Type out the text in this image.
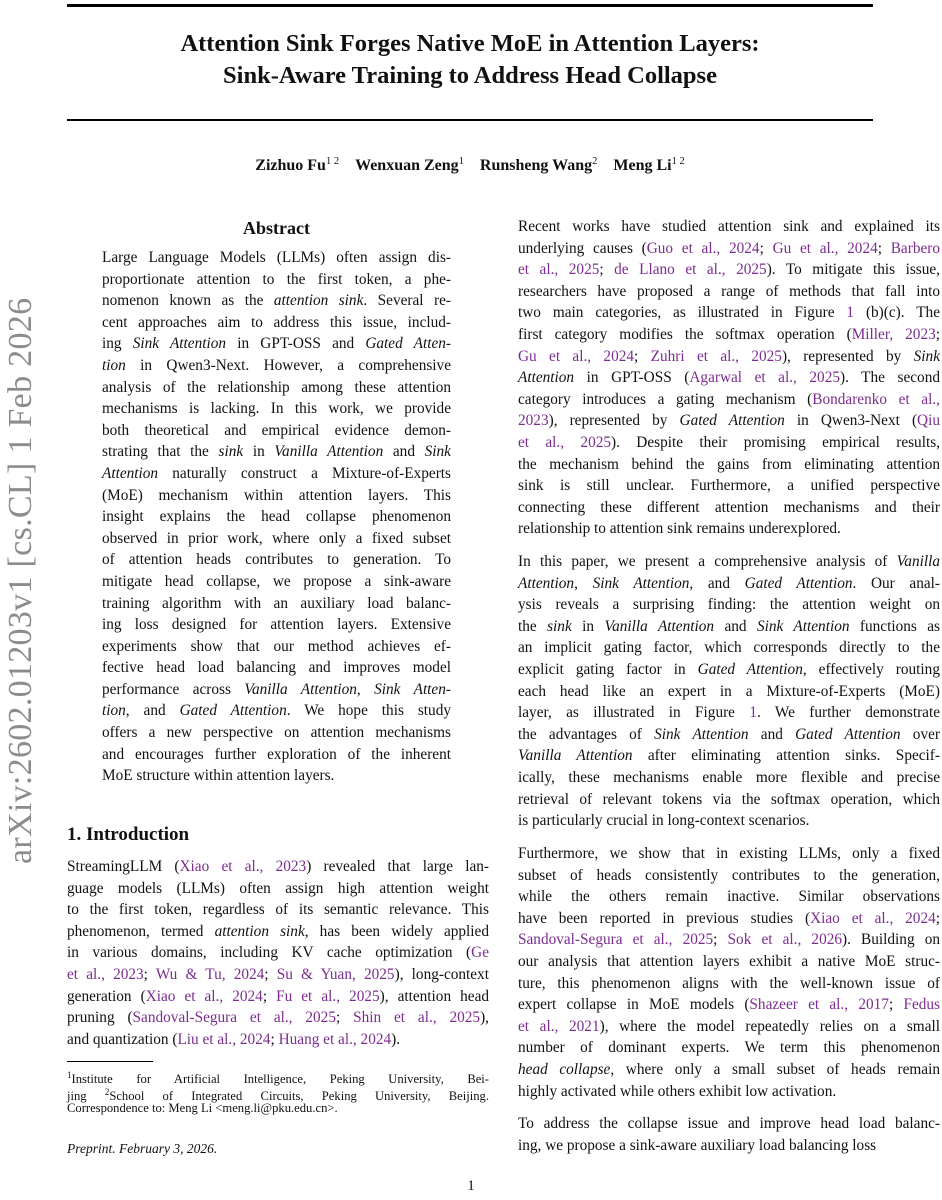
Attention Sink Forges Native MoE in Attention Layers:
Sink-Aware Training to Address Head Collapse
Zizhuo $Fu^{1 2}$ Wenxuan Zeng$^1$ Runsheng Wang$^2$ Meng $Li^{1 2}$
arXiv:2602.01203v1 [cs.CL] 1 Feb 2026
Abstract
Large Language Models (LLMs) often assign dis-
proportionate attention to the first token, a phe-
nomenon known as the attention sink. Several re-
cent approaches aim to address this issue, includ-
ing Sink Attention in GPT-OSS and Gated Atten-
tion in Qwen3-Next. However, a comprehensive
analysis of the relationship among these attention
mechanisms is lacking. In this work, we provide
both theoretical and empirical evidence demon-
strating that the sink in Vanilla Attention and Sink
Attention naturally construct a Mixture-of-Experts
(MoE) mechanism within attention layers. This
insight explains the head collapse phenomenon
observed in prior work, where only a fixed subset
of attention heads contributes to generation. To
mitigate head collapse, we propose a sink-aware
training algorithm with an auxiliary load balanc-
ing loss designed for attention layers. Extensive
experiments show that our method achieves ef-
fective head load balancing and improves model
performance across Vanilla Attention, Sink Atten-
tion, and Gated Attention. We hope this study
offers a new perspective on attention mechanisms
and encourages further exploration of the inherent
MoE structure within attention layers.
1. Introduction
StreamingLLM (Xiao et al., 2023) revealed that large lan-
guage models (LLMs) often assign high attention weight
to the first token, regardless of its semantic relevance. This
phenomenon, termed attention sink, has been widely applied
in various domains, including KV cache optimization (Ge
et al., 2023; Wu & Tu, 2024; Su & Yuan, 2025), long-context
generation (Xiao et al., 2024; Fu et al., 2025), attention head
pruning (Sandoval-Segura et al., 2025; Shin et al., 2025),
and quantization (Liu et al., 2024; Huang et al., 2024).
Recent works have studied attention sink and explained its
underlying causes (Guo et al., 2024; Gu et al., 2024; Barbero
et al., 2025; de Llano et al., 2025). To mitigate this issue,
researchers have proposed a range of methods that fall into
two main categories, as illustrated in Figure 1 (b)(c). The
first category modifies the softmax operation (Miller, 2023;
Gu et al., 2024; Zuhri et al., 2025), represented by Sink
Attention in GPT-OSS (Agarwal et al., 2025). The second
category introduces a gating mechanism (Bondarenko et al.,
2023), represented by Gated Attention in Qwen3-Next (Qiu
et al., 2025). Despite their promising empirical results,
the mechanism behind the gains from eliminating attention
sink is still unclear. Furthermore, a unified perspective
connecting these different attention mechanisms and their
relationship to attention sink remains underexplored.
In this paper, we present a comprehensive analysis of Vanilla
Attention, Sink Attention, and Gated Attention. Our anal-
ysis reveals a surprising finding: the attention weight on
the sink in Vanilla Attention and Sink Attention functions as
an implicit gating factor, which corresponds directly to the
explicit gating factor in Gated Attention, effectively routing
each head like an expert in a Mixture-of-Experts (MoE)
layer, as illustrated in Figure 1. We further demonstrate
the advantages of Sink Attention and Gated Attention over
Vanilla Attention after eliminating attention sinks. Specif-
ically, these mechanisms enable more flexible and precise
retrieval of relevant tokens via the softmax operation, which
is particularly crucial in long-context scenarios.
Furthermore, we show that in existing LLMs, only a fixed
subset of heads consistently contributes to the generation,
while the others remain inactive. Similar observations
have been reported in previous studies (Xiao et al., 2024;
Sandoval-Segura et al., 2025; Sok et al., 2026). Building on
our analysis that attention layers exhibit a native MoE struc-
ture, this phenomenon aligns with the well-known issue of
expert collapse in MoE models (Shazeer et al., 2017; Fedus
et al., 2021), where the model repeatedly relies on a small
number of dominant experts. We term this phenomenon
head collapse, where only a small subset of heads remain
highly activated while others exhibit low activation.
To address the collapse issue and improve head load balanc-
ing, we propose a sink-aware auxiliary load balancing loss
$^1$Institute for Artificial Intelligence, Peking University, Bei-
jing $^2$School of Integrated Circuits, Peking University, Beijing.
Correspondence to: Meng Li <meng.li@pku.edu.cn>.
Preprint. February 3, 2026.
1
